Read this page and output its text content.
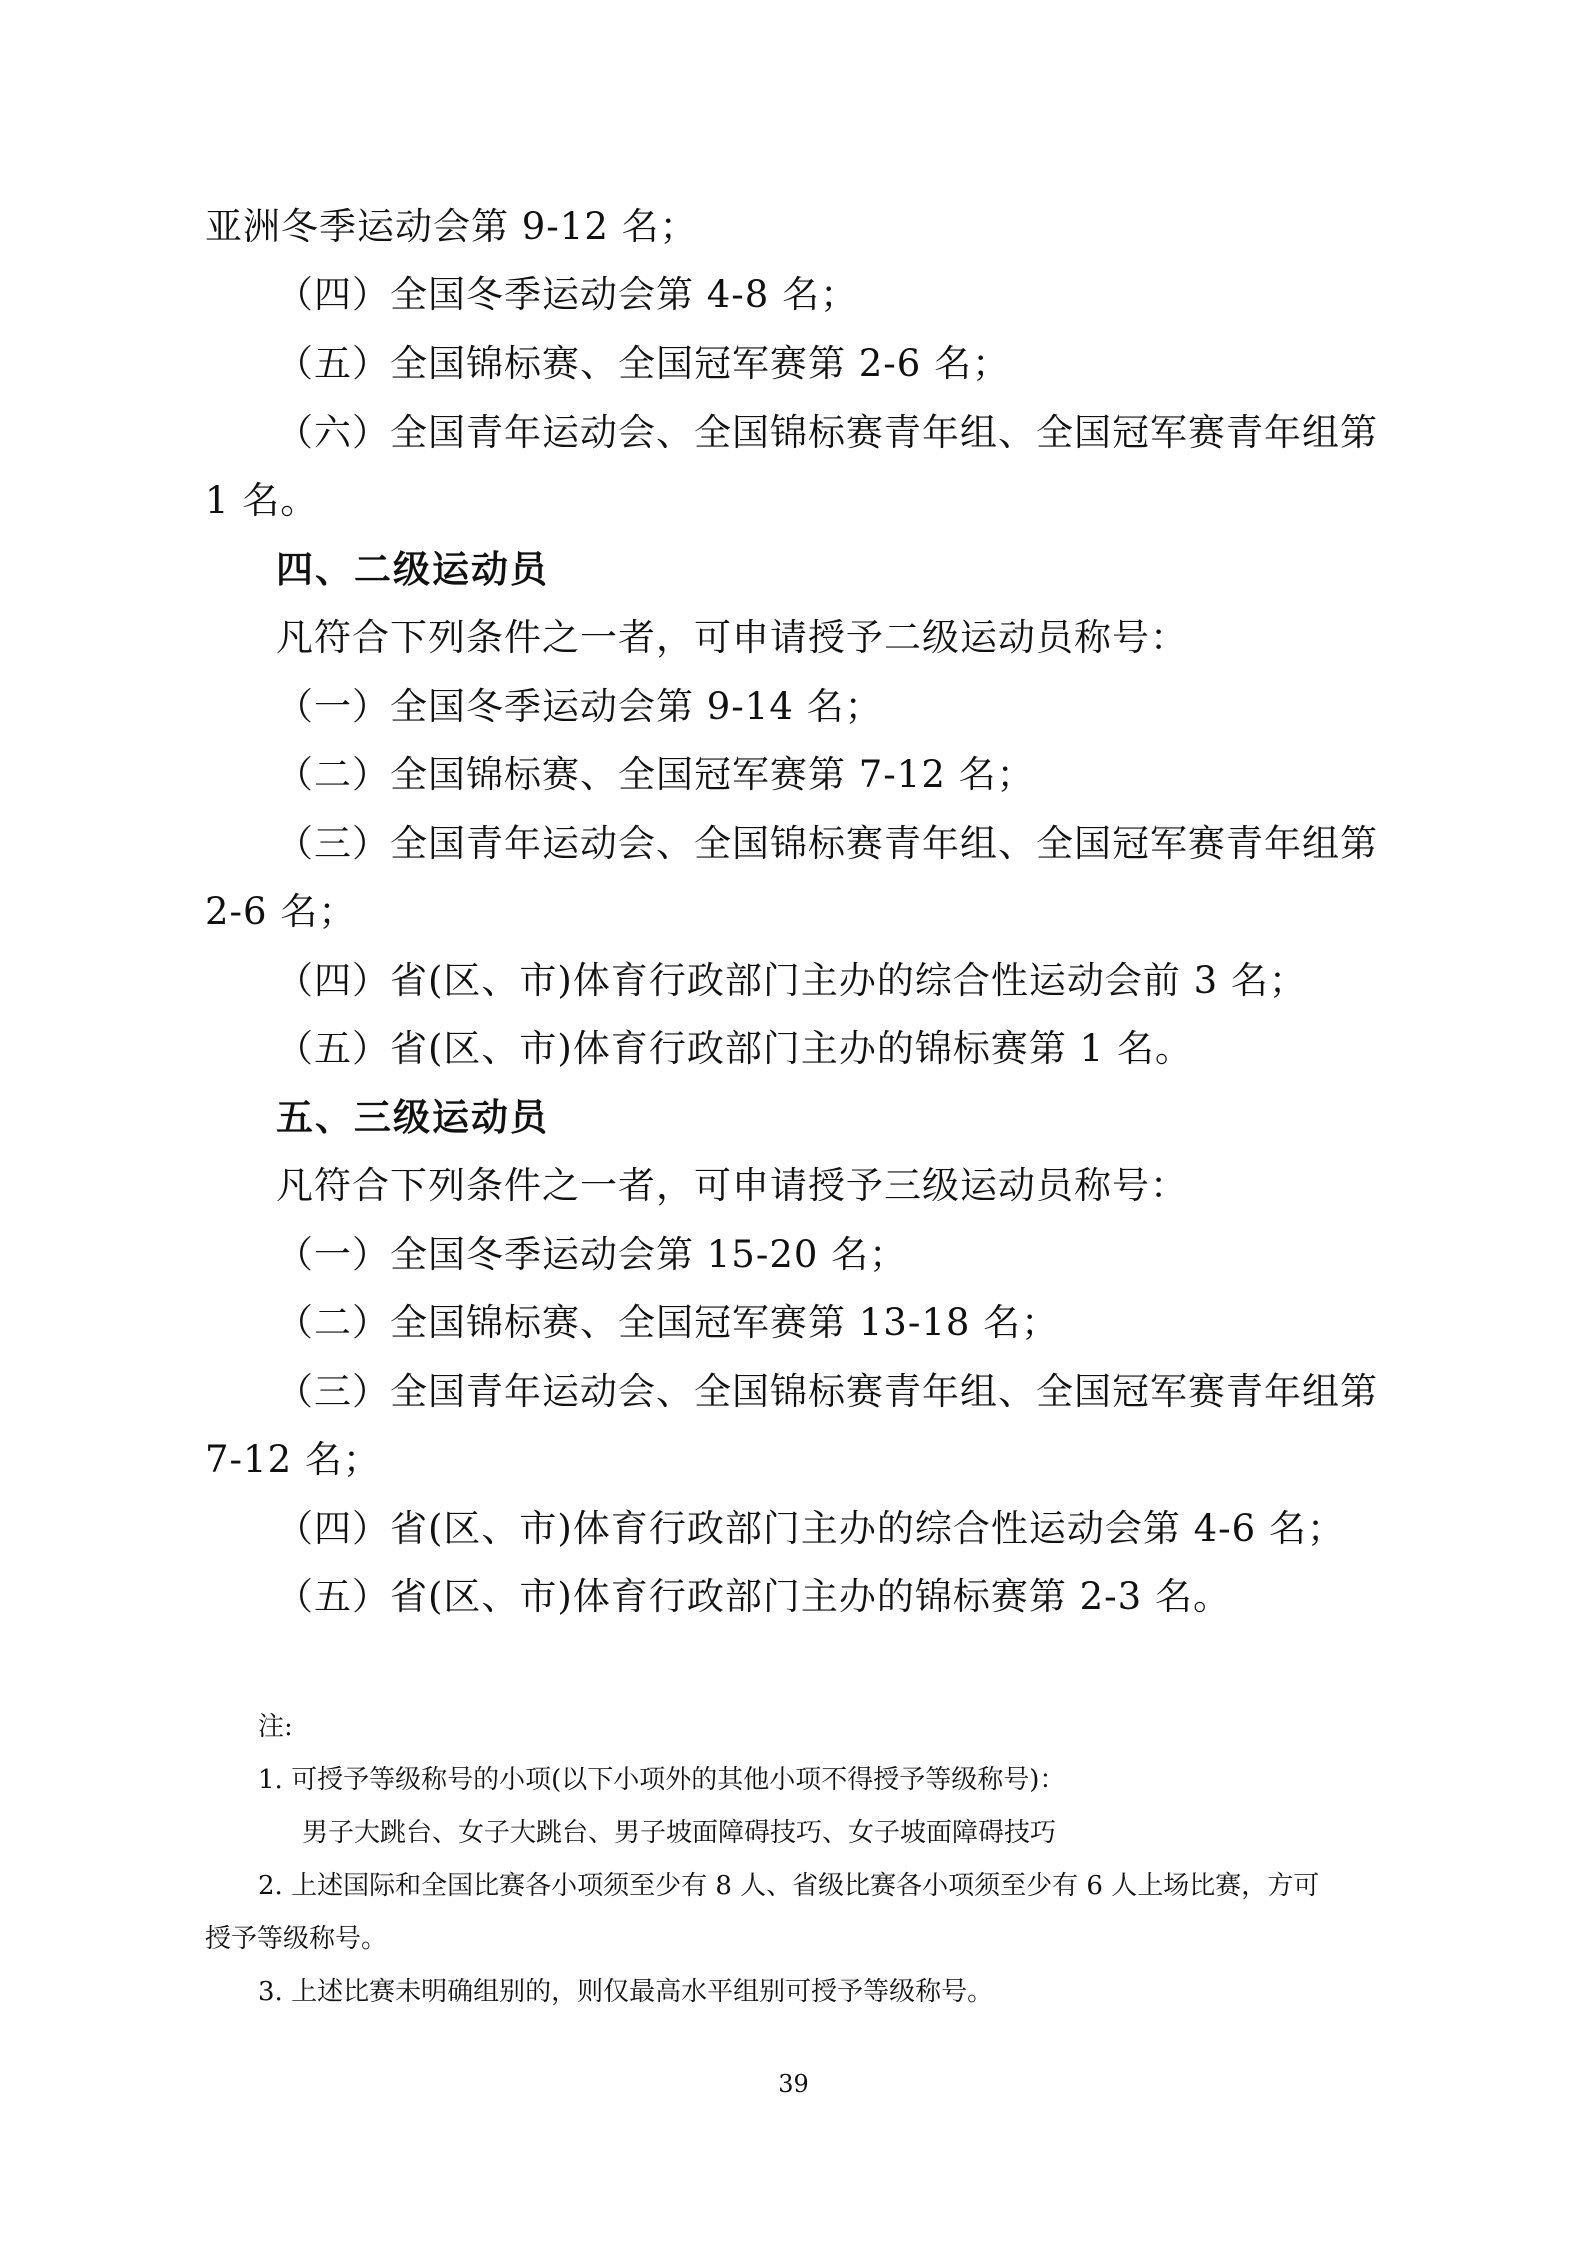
亚洲冬季运动会第 9-12 名；
（四）全国冬季运动会第 4-8 名；
（五）全国锦标赛、全国冠军赛第 2-6 名；
（六）全国青年运动会、全国锦标赛青年组、全国冠军赛青年组第
1 名。
四、二级运动员
凡符合下列条件之一者，可申请授予二级运动员称号：
（一）全国冬季运动会第 9-14 名；
（二）全国锦标赛、全国冠军赛第 7-12 名；
（三）全国青年运动会、全国锦标赛青年组、全国冠军赛青年组第
2-6 名；
（四）省(区、市)体育行政部门主办的综合性运动会前 3 名；
（五）省(区、市)体育行政部门主办的锦标赛第 1 名。
五、三级运动员
凡符合下列条件之一者，可申请授予三级运动员称号：
（一）全国冬季运动会第 15-20 名；
（二）全国锦标赛、全国冠军赛第 13-18 名；
（三）全国青年运动会、全国锦标赛青年组、全国冠军赛青年组第
7-12 名；
（四）省(区、市)体育行政部门主办的综合性运动会第 4-6 名；
（五）省(区、市)体育行政部门主办的锦标赛第 2-3 名。
注:
1. 可授予等级称号的小项(以下小项外的其他小项不得授予等级称号)：
男子大跳台、女子大跳台、男子坡面障碍技巧、女子坡面障碍技巧
2. 上述国际和全国比赛各小项须至少有 8 人、省级比赛各小项须至少有 6 人上场比赛，方可
授予等级称号。
3. 上述比赛未明确组别的，则仅最高水平组别可授予等级称号。
39
